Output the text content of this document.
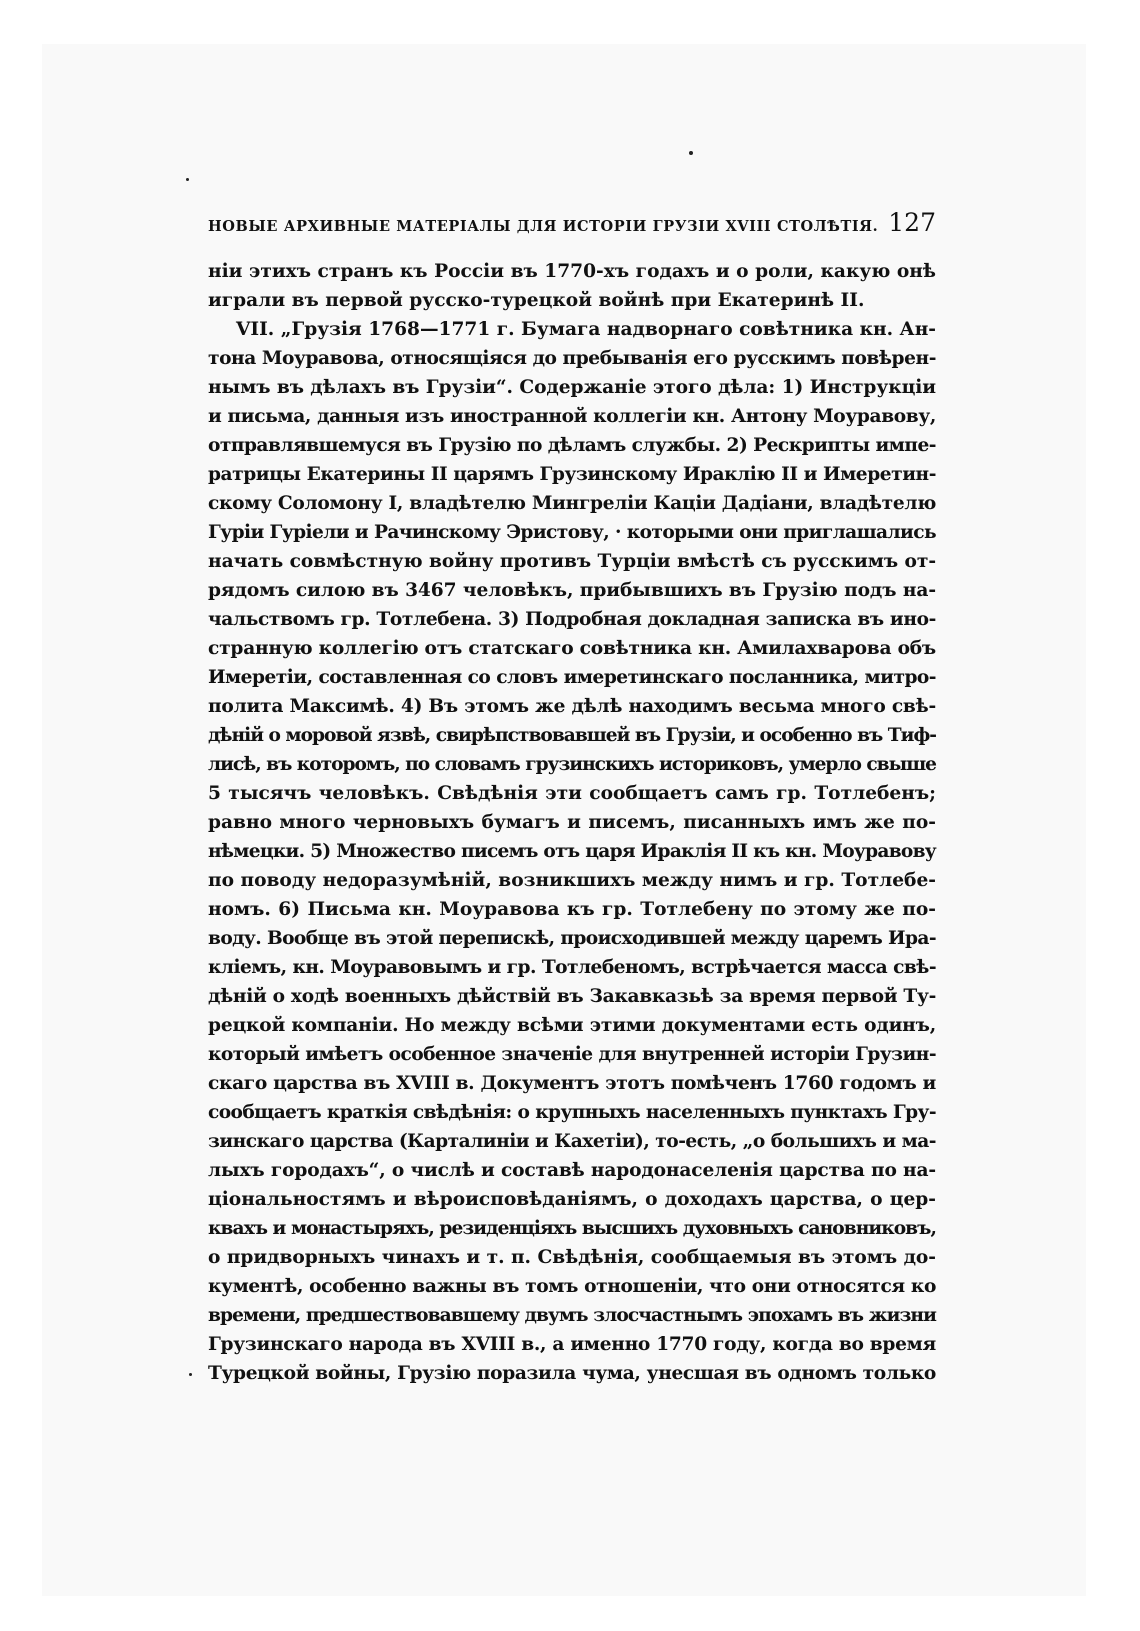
НОВЫЕ АРХИВНЫЕ МАТЕРІАЛЫ ДЛЯ ИСТОРІИ ГРУЗІИ XVIII СТОЛѢТІЯ. 127
ніи этихъ странъ къ Россіи въ 1770-хъ годахъ и о роли, какую онѣ
играли въ первой русско-турецкой войнѣ при Екатеринѣ II.
VII. „Грузія 1768—1771 г. Бумага надворнаго совѣтника кн. Ан-
тона Моуравова, относящіяся до пребыванія его русскимъ повѣрен-
нымъ въ дѣлахъ въ Грузіи“. Содержаніе этого дѣла: 1) Инструкціи
и письма, данныя изъ иностранной коллегіи кн. Антону Моуравову,
отправлявшемуся въ Грузію по дѣламъ службы. 2) Рескрипты импе-
ратрицы Екатерины II царямъ Грузинскому Ираклію II и Имеретин-
скому Соломону I, владѣтелю Мингреліи Каціи Дадіани, владѣтелю
Гуріи Гуріели и Рачинскому Эристову, · которыми они приглашались
начать совмѣстную войну противъ Турціи вмѣстѣ съ русскимъ от-
рядомъ силою въ 3467 человѣкъ, прибывшихъ въ Грузію подъ на-
чальствомъ гр. Тотлебена. 3) Подробная докладная записка въ ино-
странную коллегію отъ статскаго совѣтника кн. Амилахварова объ
Имеретіи, составленная со словъ имеретинскаго посланника, митро-
полита Максимѣ. 4) Въ этомъ же дѣлѣ находимъ весьма много свѣ-
дѣній о моровой язвѣ, свирѣпствовавшей въ Грузіи, и особенно въ Тиф-
лисѣ, въ которомъ, по словамъ грузинскихъ историковъ, умерло свыше
5 тысячъ человѣкъ. Свѣдѣнія эти сообщаетъ самъ гр. Тотлебенъ;
равно много черновыхъ бумагъ и писемъ, писанныхъ имъ же по-
нѣмецки. 5) Множество писемъ отъ царя Ираклія II къ кн. Моуравову
по поводу недоразумѣній, возникшихъ между нимъ и гр. Тотлебе-
номъ. 6) Письма кн. Моуравова къ гр. Тотлебену по этому же по-
воду. Вообще въ этой перепискѣ, происходившей между царемъ Ира-
кліемъ, кн. Моуравовымъ и гр. Тотлебеномъ, встрѣчается масса свѣ-
дѣній о ходѣ военныхъ дѣйствій въ Закавказьѣ за время первой Ту-
рецкой компаніи. Но между всѣми этими документами есть одинъ,
который имѣетъ особенное значеніе для внутренней исторіи Грузин-
скаго царства въ XVIII в. Документъ этотъ помѣченъ 1760 годомъ и
сообщаетъ краткія свѣдѣнія: о крупныхъ населенныхъ пунктахъ Гру-
зинскаго царства (Карталиніи и Кахетіи), то-есть, „о большихъ и ма-
лыхъ городахъ“, о числѣ и составѣ народонаселенія царства по на-
ціональностямъ и вѣроисповѣданіямъ, о доходахъ царства, о цер-
квахъ и монастыряхъ, резиденціяхъ высшихъ духовныхъ сановниковъ,
о придворныхъ чинахъ и т. п. Свѣдѣнія, сообщаемыя въ этомъ до-
кументѣ, особенно важны въ томъ отношеніи, что они относятся ко
времени, предшествовавшему двумъ злосчастнымъ эпохамъ въ жизни
Грузинскаго народа въ XVIII в., а именно 1770 году, когда во время
Турецкой войны, Грузію поразила чума, унесшая въ одномъ только
